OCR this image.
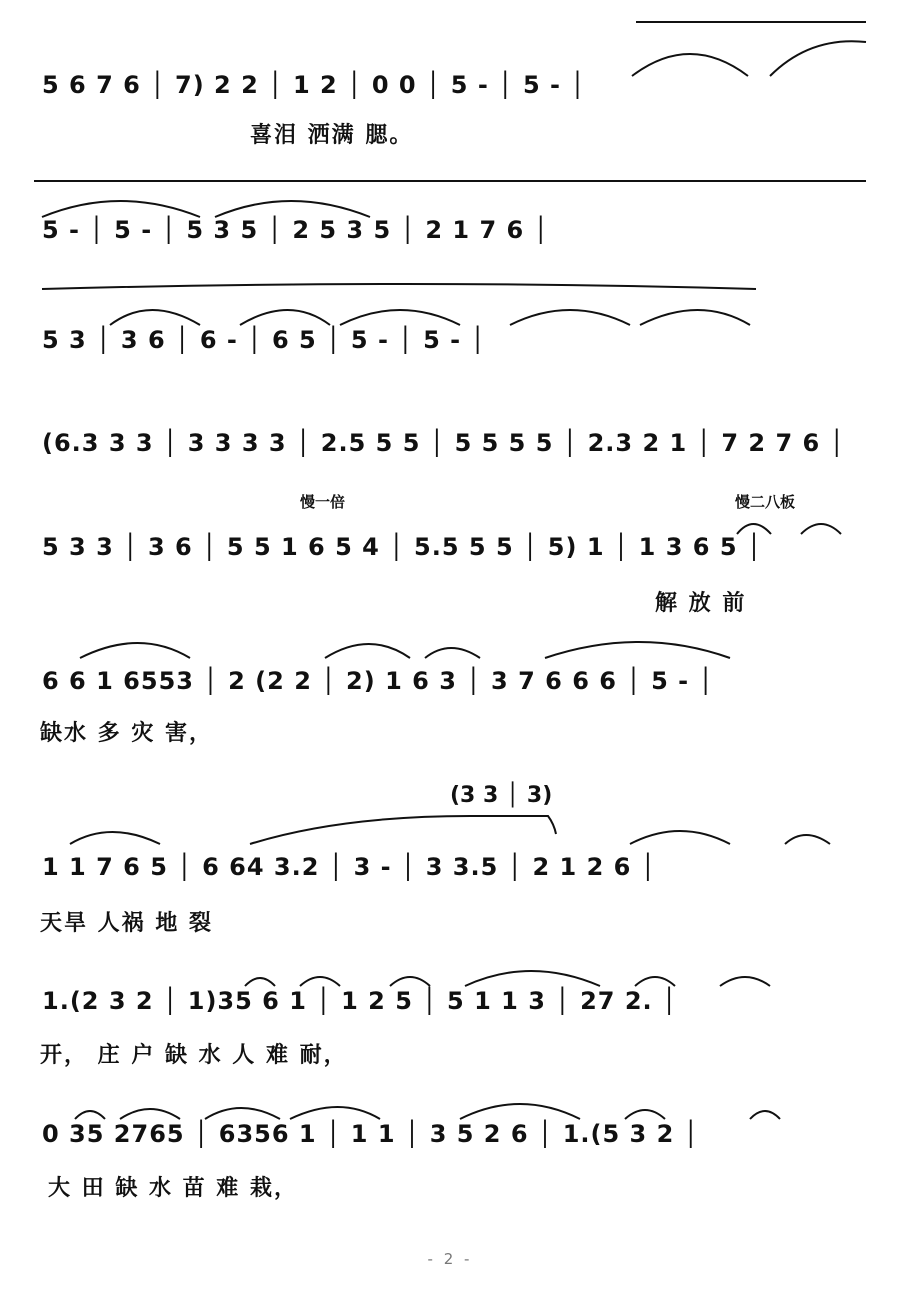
5 6 7 6 │ 7) 2 2 │ 1 2 │ 0 0 │ 5 - │ 5 - │
喜泪 洒满 腮。
5 - │ 5 - │ 5 3 5 │ 2 5 3 5 │ 2 1 7 6 │
5 3 │ 3 6 │ 6 - │ 6 5 │ 5 - │ 5 - │
(6.3 3 3 │ 3 3 3 3 │ 2.5 5 5 │ 5 5 5 5 │ 2.3 2 1 │ 7 2 7 6 │
慢一倍	慢二八板
5 3 3 │ 3 6 │ 5 5 1 6 5 4 │ 5.5 5 5 │ 5) 1 │ 1 3 6 5 │
解 放 前
6 6 1 6553 │ 2 (2 2 │ 2) 1 6 3 │ 3 7 6 6 6 │ 5 - │
缺水 多 灾 害，
(3 3 │ 3)
1 1 7 6 5 │ 6 64 3.2 │ 3 - │ 3 3.5 │ 2 1 2 6 │
天旱 人祸 地 裂
1.(2 3 2 │ 1)35 6 1 │ 1 2 5 │ 5 1 1 3 │ 27 2. │
开， 庄 户 缺 水 人 难 耐，
0 35 2765 │ 6356 1 │ 1 1 │ 3 5 2 6 │ 1.(5 3 2 │
大 田 缺 水 苗 难 栽，
- 2 -
